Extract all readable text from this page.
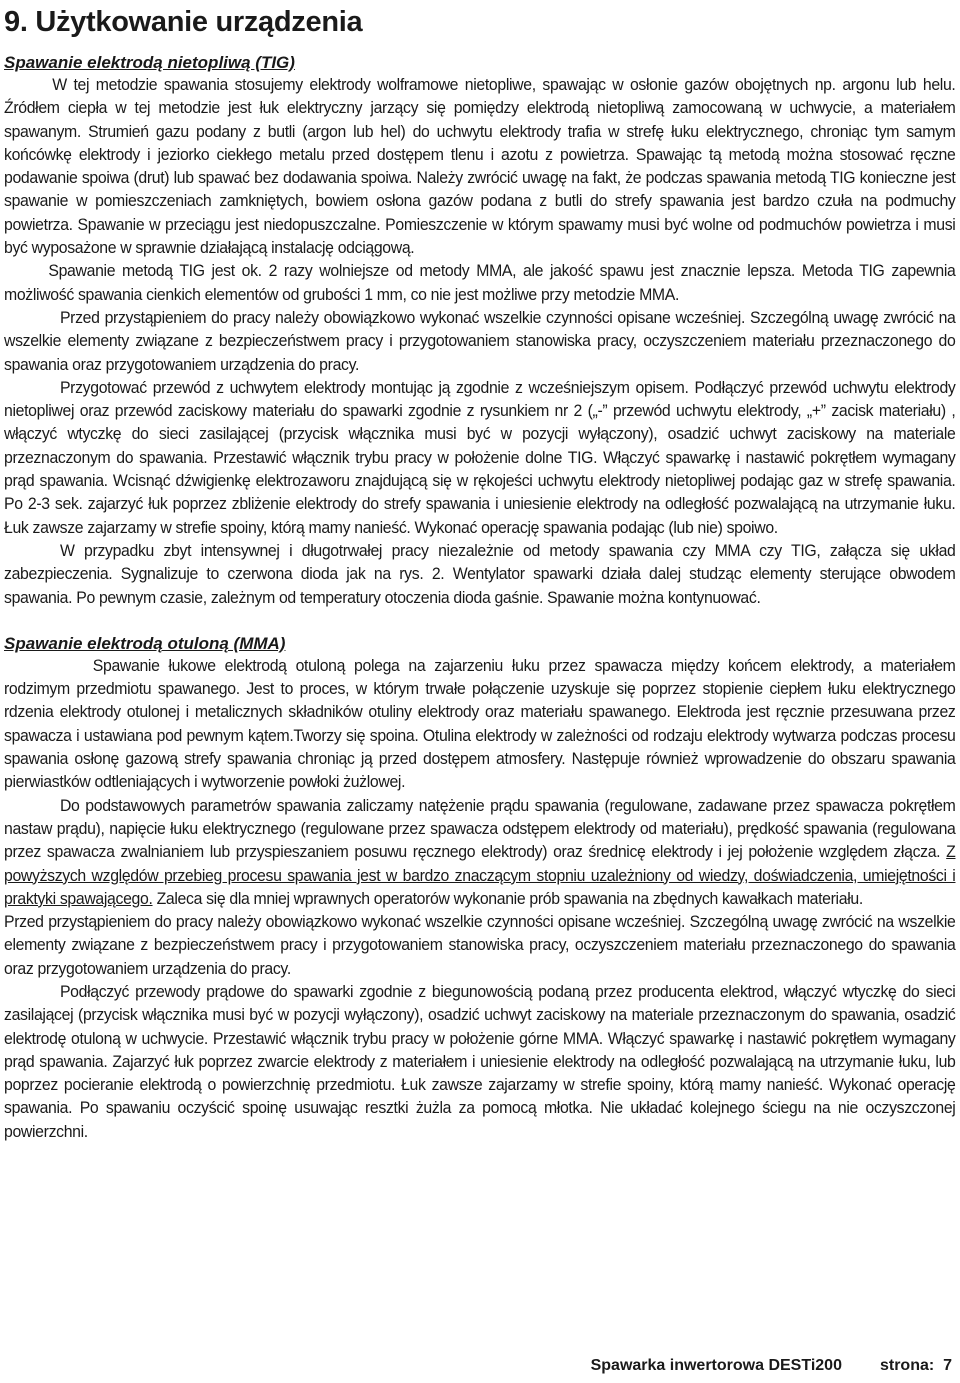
9. Użytkowanie urządzenia
Spawanie elektrodą nietopliwą (TIG)

W tej metodzie spawania stosujemy elektrody wolframowe nietopliwe, spawając w osłonie gazów obojętnych np. argonu lub helu. Źródłem ciepła w tej metodzie jest łuk elektryczny jarzący się pomiędzy elektrodą nietopliwą zamocowaną w uchwycie, a materiałem spawanym. Strumień gazu podany z butli (argon lub hel) do uchwytu elektrody trafia w strefę łuku elektrycznego, chroniąc tym samym końcówkę elektrody i jeziorko ciekłego metalu przed dostępem tlenu i azotu z powietrza. Spawając tą metodą można stosować ręczne podawanie spoiwa (drut) lub spawać bez dodawania spoiwa. Należy zwrócić uwagę na fakt, że podczas spawania metodą TIG konieczne jest spawanie w pomieszczeniach zamkniętych, bowiem osłona gazów podana z butli do strefy spawania jest bardzo czuła na podmuchy powietrza. Spawanie w przeciągu jest niedopuszczalne. Pomieszczenie w którym spawamy musi być wolne od podmuchów powietrza i musi być wyposażone w sprawnie działającą instalację odciągową.

Spawanie metodą TIG jest ok. 2 razy wolniejsze od metody MMA, ale jakość spawu jest znacznie lepsza. Metoda TIG zapewnia możliwość spawania cienkich elementów od grubości 1 mm, co nie jest możliwe przy metodzie MMA.

Przed przystąpieniem do pracy należy obowiązkowo wykonać wszelkie czynności opisane wcześniej. Szczególną uwagę zwrócić na wszelkie elementy związane z bezpieczeństwem pracy i przygotowaniem stanowiska pracy, oczyszczeniem materiału przeznaczonego do spawania oraz przygotowaniem urządzenia do pracy.

Przygotować przewód z uchwytem elektrody montując ją zgodnie z wcześniejszym opisem. Podłączyć przewód uchwytu elektrody nietopliwej oraz przewód zaciskowy materiału do spawarki zgodnie z rysunkiem nr 2 („-” przewód uchwytu elektrody, „+” zacisk materiału) , włączyć wtyczkę do sieci zasilającej (przycisk włącznika musi być w pozycji wyłączony), osadzić uchwyt zaciskowy na materiale przeznaczonym do spawania. Przestawić włącznik trybu pracy w położenie dolne TIG. Włączyć spawarkę i nastawić pokrętłem wymagany prąd spawania. Wcisnąć dźwigienkę elektrozaworu znajdującą się w rękojeści uchwytu elektrody nietopliwej podając gaz w strefę spawania. Po 2-3 sek. zajarzyć łuk poprzez zbliżenie elektrody do strefy spawania i uniesienie elektrody na odległość pozwalającą na utrzymanie łuku. Łuk zawsze zajarzamy w strefie spoiny, którą mamy nanieść. Wykonać operację spawania podając (lub nie) spoiwo.

W przypadku zbyt intensywnej i długotrwałej pracy niezależnie od metody spawania czy MMA czy TIG, załącza się układ zabezpieczenia. Sygnalizuje to czerwona dioda jak na rys. 2. Wentylator spawarki działa dalej studząc elementy sterujące obwodem spawania. Po pewnym czasie, zależnym od temperatury otoczenia dioda gaśnie. Spawanie można kontynuować.

Spawanie elektrodą otuloną (MMA)

Spawanie łukowe elektrodą otuloną polega na zajarzeniu łuku przez spawacza między końcem elektrody, a materiałem rodzimym przedmiotu spawanego. Jest to proces, w którym trwałe połączenie uzyskuje się poprzez stopienie ciepłem łuku elektrycznego rdzenia elektrody otulonej i metalicznych składników otuliny elektrody oraz materiału spawanego. Elektroda jest ręcznie przesuwana przez spawacza i ustawiana pod pewnym kątem.Tworzy się spoina. Otulina elektrody w zależności od rodzaju elektrody wytwarza podczas procesu spawania osłonę gazową strefy spawania chroniąc ją przed dostępem atmosfery. Następuje również wprowadzenie do obszaru spawania pierwiastków odtleniających i wytworzenie powłoki żużlowej.

Do podstawowych parametrów spawania zaliczamy natężenie prądu spawania (regulowane, zadawane przez spawacza pokrętłem nastaw prądu), napięcie łuku elektrycznego (regulowane przez spawacza odstępem elektrody od materiału), prędkość spawania (regulowana przez spawacza zwalnianiem lub przyspieszaniem posuwu ręcznego elektrody) oraz średnicę elektrody i jej położenie względem złącza. Z powyższych względów przebieg procesu spawania jest w bardzo znaczącym stopniu uzależniony od wiedzy, doświadczenia, umiejętności i praktyki spawającego. Zaleca się dla mniej wprawnych operatorów wykonanie prób spawania na zbędnych kawałkach materiału.

Przed przystąpieniem do pracy należy obowiązkowo wykonać wszelkie czynności opisane wcześniej. Szczególną uwagę zwrócić na wszelkie elementy związane z bezpieczeństwem pracy i przygotowaniem stanowiska pracy, oczyszczeniem materiału przeznaczonego do spawania oraz przygotowaniem urządzenia do pracy.

Podłączyć przewody prądowe do spawarki zgodnie z biegunowością podaną przez producenta elektrod, włączyć wtyczkę do sieci zasilającej (przycisk włącznika musi być w pozycji wyłączony), osadzić uchwyt zaciskowy na materiale przeznaczonym do spawania, osadzić elektrodę otuloną w uchwycie. Przestawić włącznik trybu pracy w położenie górne MMA. Włączyć spawarkę i nastawić pokrętłem wymagany prąd spawania. Zajarzyć łuk poprzez zwarcie elektrody z materiałem i uniesienie elektrody na odległość pozwalającą na utrzymanie łuku, lub poprzez pocieranie elektrodą o powierzchnię przedmiotu. Łuk zawsze zajarzamy w strefie spoiny, którą mamy nanieść. Wykonać operację spawania. Po spawaniu oczyścić spoinę usuwając resztki żużla za pomocą młotka. Nie układać kolejnego ściegu na nie oczyszczonej powierzchni.

Spawarka inwertorowa DESTi200 strona: 7
